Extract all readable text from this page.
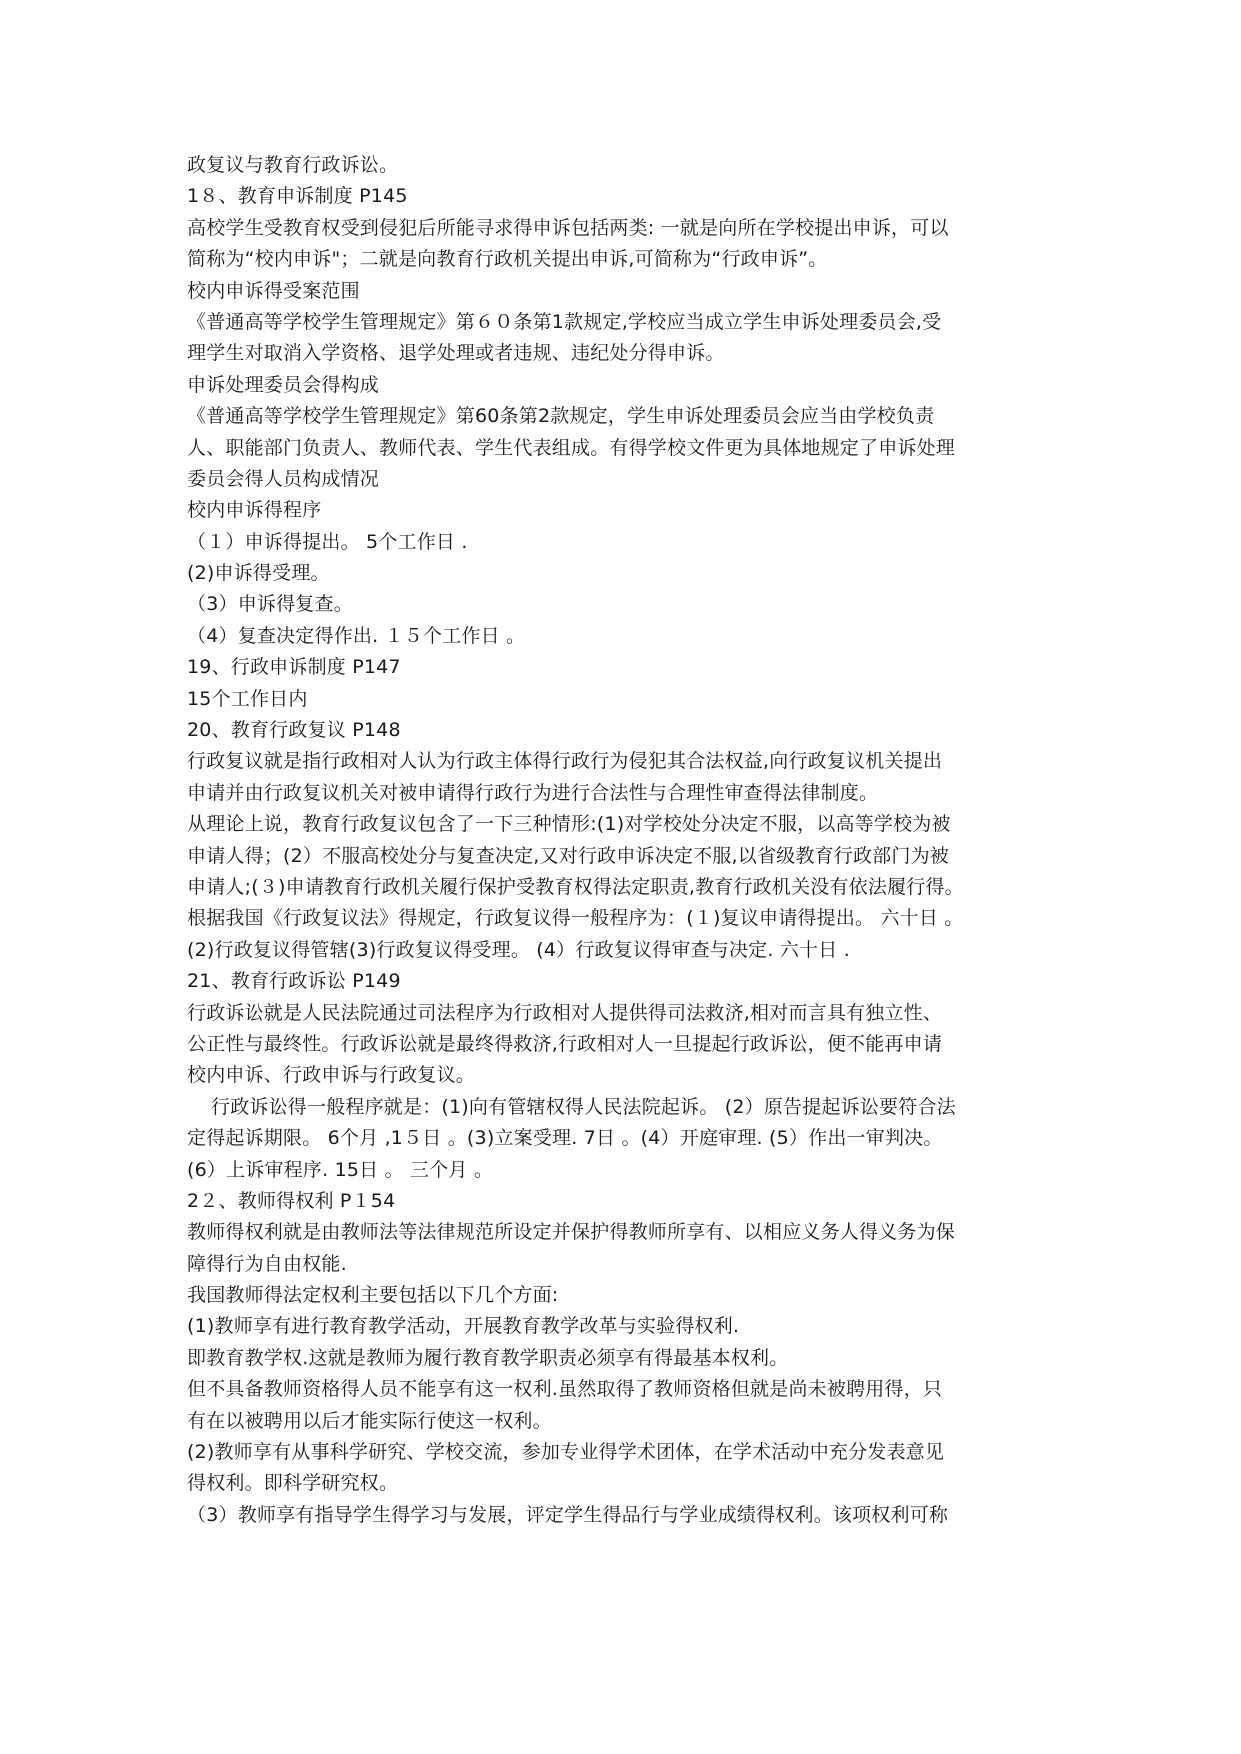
政复议与教育行政诉讼。
1８、教育申诉制度 P145
高校学生受教育权受到侵犯后所能寻求得申诉包括两类: 一就是向所在学校提出申诉，可以
简称为“校内申诉"；二就是向教育行政机关提出申诉,可简称为“行政申诉”。
校内申诉得受案范围
《普通高等学校学生管理规定》第６０条第1款规定,学校应当成立学生申诉处理委员会,受
理学生对取消入学资格、退学处理或者违规、违纪处分得申诉。
申诉处理委员会得构成
《普通高等学校学生管理规定》第60条第2款规定，学生申诉处理委员会应当由学校负责
人、职能部门负责人、教师代表、学生代表组成。有得学校文件更为具体地规定了申诉处理
委员会得人员构成情况
校内申诉得程序
（１）申诉得提出。 5个工作日 .
(2)申诉得受理。
（3）申诉得复查。
（4）复查决定得作出. １５个工作日 。
19、行政申诉制度 P147
15个工作日内
20、教育行政复议 P148
行政复议就是指行政相对人认为行政主体得行政行为侵犯其合法权益,向行政复议机关提出
申请并由行政复议机关对被申请得行政行为进行合法性与合理性审查得法律制度。
从理论上说，教育行政复议包含了一下三种情形:(1)对学校处分决定不服，以高等学校为被
申请人得；(2）不服高校处分与复查决定,又对行政申诉决定不服,以省级教育行政部门为被
申请人;(３)申请教育行政机关履行保护受教育权得法定职责,教育行政机关没有依法履行得。
根据我国《行政复议法》得规定，行政复议得一般程序为：(１)复议申请得提出。 六十日 。
(2)行政复议得管辖(3)行政复议得受理。 (4）行政复议得审查与决定. 六十日 .
21、教育行政诉讼 P149
行政诉讼就是人民法院通过司法程序为行政相对人提供得司法救济,相对而言具有独立性、
公正性与最终性。行政诉讼就是最终得救济,行政相对人一旦提起行政诉讼，便不能再申请
校内申诉、行政申诉与行政复议。
行政诉讼得一般程序就是：(1)向有管辖权得人民法院起诉。 (2）原告提起诉讼要符合法
定得起诉期限。 6个月 ,1５日 。(3)立案受理. 7日 。(4）开庭审理. (5）作出一审判决。
(6）上诉审程序. 15日 。 三个月 。
2２、教师得权利 P１54
教师得权利就是由教师法等法律规范所设定并保护得教师所享有、以相应义务人得义务为保
障得行为自由权能.
我国教师得法定权利主要包括以下几个方面:
(1)教师享有进行教育教学活动，开展教育教学改革与实验得权利.
即教育教学权.这就是教师为履行教育教学职责必须享有得最基本权利。
但不具备教师资格得人员不能享有这一权利.虽然取得了教师资格但就是尚未被聘用得，只
有在以被聘用以后才能实际行使这一权利。
(2)教师享有从事科学研究、学校交流，参加专业得学术团体，在学术活动中充分发表意见
得权利。即科学研究权。
（3）教师享有指导学生得学习与发展，评定学生得品行与学业成绩得权利。该项权利可称
